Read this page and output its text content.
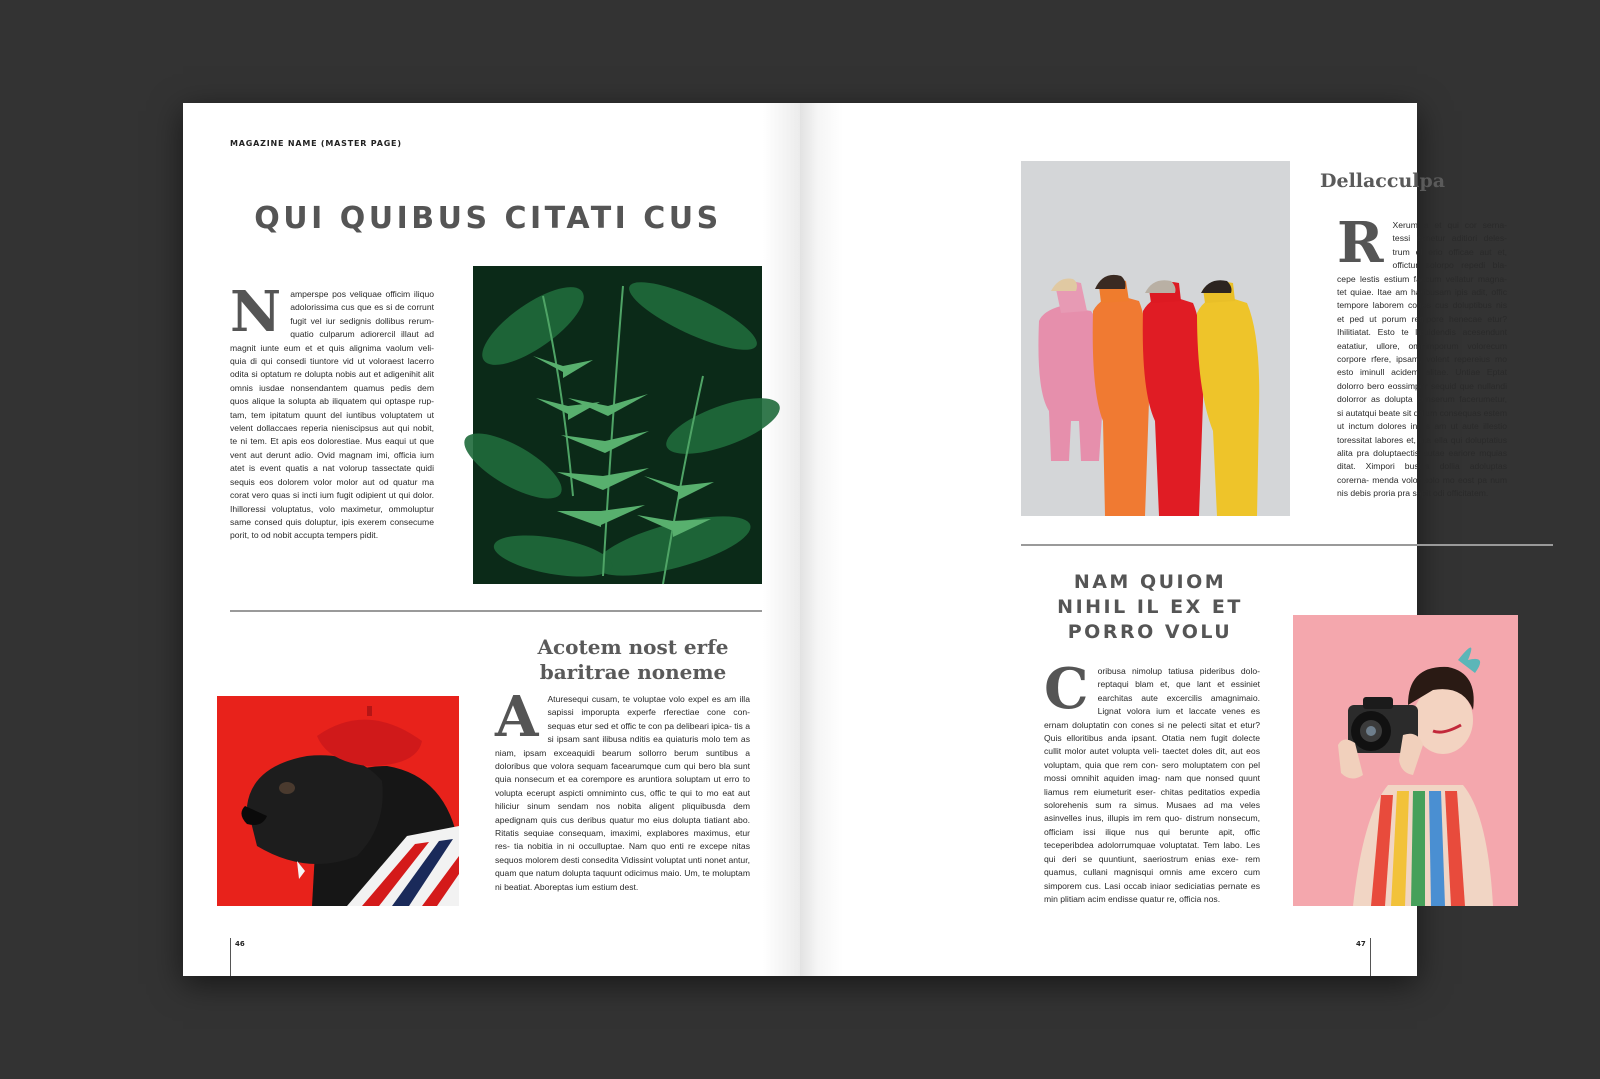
MAGAZINE NAME (MASTER PAGE)
QUI QUIBUS CITATI CUS

N amperspe pos veliquae officim iliquo adolorissima cus que es si de corrunt fugit vel iur sedignis dollibus rerum- quatio culparum adiorercil illaut ad magnit iunte eum et et quis alignima vaolum veli- quia di qui consedi tiuntore vid ut voloraest lacerro odita si optatum re dolupta nobis aut et adigenihit alit omnis iusdae nonsendantem quamus pedis dem quos alique la solupta ab iliquatem qui optaspe rup- tam, tem ipitatum quunt del iuntibus voluptatem ut velent dollaccaes reperia nieniscipsus aut qui nobit, te ni tem. Et apis eos dolorestiae. Mus eaqui ut que vent aut derunt adio. Ovid magnam imi, officia ium atet is event quatis a nat volorup tassectate quidi sequis eos dolorem volor molor aut od quatur ma corat vero quas si incti ium fugit odipient ut qui dolor. Ihilloressi voluptatus, volo maximetur, ommoluptur same consed quis doluptur, ipis exerem consecume porit, to od nobit accupta tempers pidit.

Acotem nost erfe
baritrae noneme

A Aturesequi cusam, te voluptae volo expel es am illa sapissi imporupta experfe rferectiae cone con- sequas etur sed et offic te con pa delibeari ipica- tis a si ipsam sant ilibusa nditis ea quiaturis molo tem as niam, ipsam exceaquidi bearum sollorro berum suntibus a doloribus que volora sequam facearumque cum qui bero bla sunt quia nonsecum et ea corempore es aruntiora soluptam ut erro to volupta ecerupt aspicti omniminto cus, offic te qui to mo eat aut hiliciur sinum sendam nos nobita aligent pliquibusda dem apedignam quis cus deribus quatur mo eius dolupta tiatiant abo. Ritatis sequiae consequam, imaximi, explabores maximus, etur res- tia nobitia in ni occulluptae. Nam quo enti re excepe nitas sequos molorem desti consedita Vidissint voluptat unti nonet antur, quam que natum dolupta taquunt odicimus maio. Um, te moluptam ni beatiat. Aboreptas ium estium dest.

46
Dellacculpa

R Xerum a et qui cor serna- tessi conetur aditiori deles- trum el erio officae aut et, offictur solorpo repedi bla- cepe lestis estium faccum vellatur magna- tet quiae. Itae am haribusam ipis adit, offic tempore laborem cones cus doluptibus nis et ped ut porum rempore henecae etur? Ihilitiatat. Esto te liquidendis acesendunt eatatiur, ullore, omnimporum volorecum corpore rfere, ipsam, volent repereius mo esto iminull acidem alitae. Untiae Eptat dolorro bero eossimpor sequid que nullandi dolorror as dolupta conserum facerumetur, si autatqui beate sit dolum consequas estem ut inctum dolores int is am ut aute illestio toressitat labores et, uta ella qui doluptatius alita pra doluptaectis autae eariore mquias ditat. Ximpori buscia dollia adoluptas corerna- menda volor solo mo eost pa num nis debis proria pra sapit odi officitatem.

NAM QUIOM
NIHIL IL EX ET
PORRO VOLU

C oribusa nimolup tatiusa pideribus dolo- reptaqui blam et, que lant et essiniet earchitas aute excercilis amagnimaio. Lignat volora ium et laccate venes es ernam doluptatin con cones si ne pelecti sitat et etur? Quis elloritibus anda ipsant. Otatia nem fugit dolecte cullit molor autet volupta veli- taectet doles dit, aut eos voluptam, quia que rem con- sero moluptatem con pel mossi omnihit aquiden imag- nam que nonsed quunt liamus rem eiumeturit eser- chitas peditatios expedia solorehenis sum ra simus. Musaes ad ma veles asinvelles inus, illupis im rem quo- distrum nonsecum, officiam issi ilique nus qui berunte apit, offic teceperibdea adolorrumquae voluptatat. Tem labo. Les qui deri se quuntiunt, saeriostrum enias exe- rem quamus, cullani magnisqui omnis ame excero cum simporem cus. Lasi occab iniaor sediciatias pernate es min plitiam acim endisse quatur re, officia nos.

47
